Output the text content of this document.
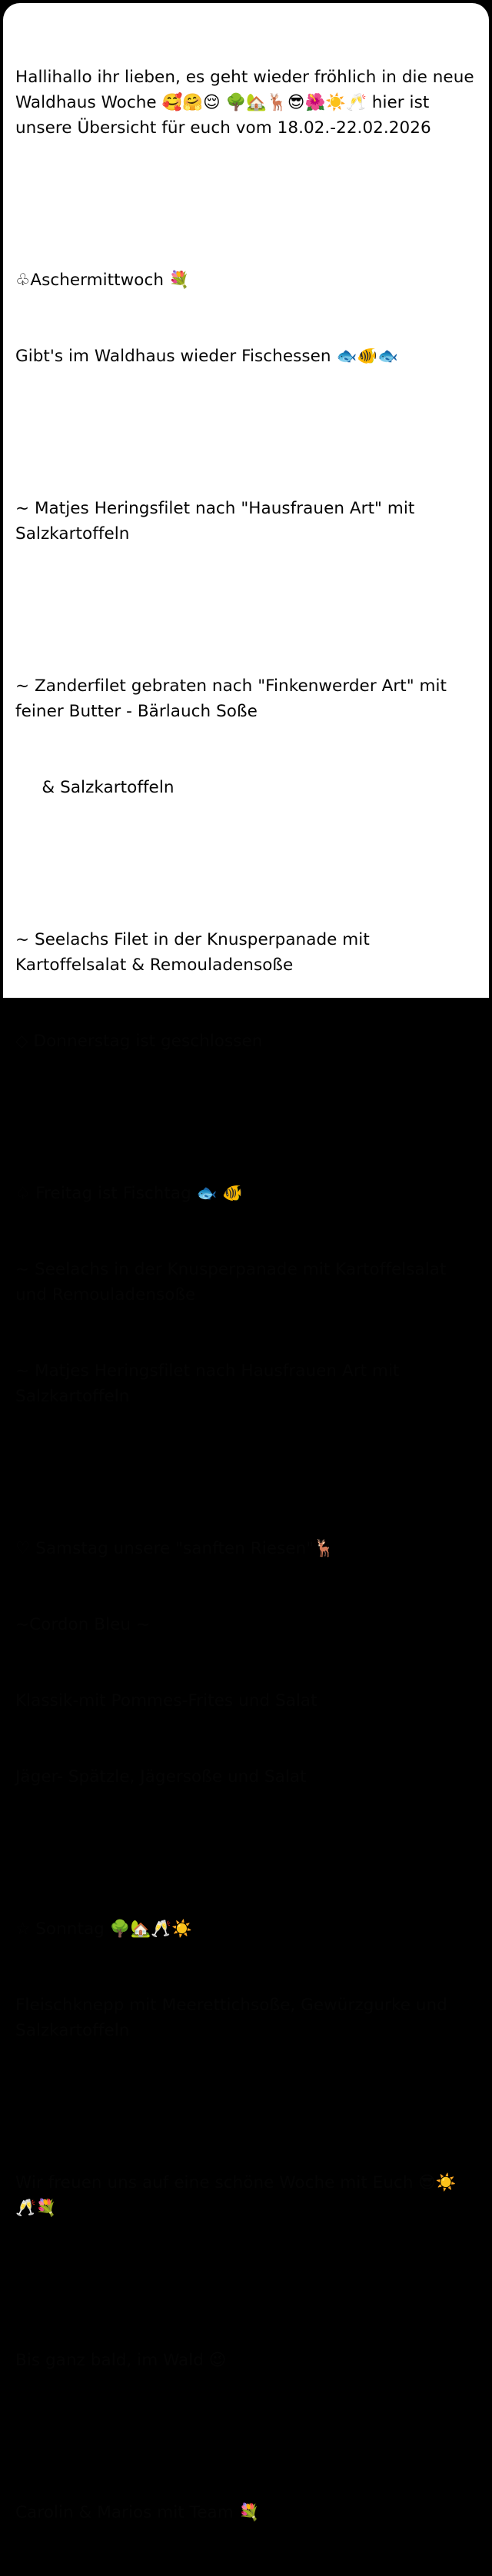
Hallihallo ihr lieben, es geht wieder fröhlich in die neue Waldhaus Woche 🥰🤗😌 🌳🏡🦌😎🌺☀️🥂 hier ist unsere Übersicht für euch vom 18.02.-22.02.2026

♧Aschermittwoch 💐

Gibt's im Waldhaus wieder Fischessen 🐟🐠🐟

~ Matjes Heringsfilet nach "Hausfrauen Art" mit Salzkartoffeln

~ Zanderfilet gebraten nach "Finkenwerder Art" mit feiner Butter - Bärlauch Soße

& Salzkartoffeln

~ Seelachs Filet in der Knusperpanade mit Kartoffelsalat & Remouladensoße

◇ Donnerstag ist geschlossen

♤ Freitag ist Fischtag 🐟 🐠

~ Seelachs in der Knusperpanade mit Kartoffelsalat und Remouladensoße

~ Matjes Heringsfilet nach Hausfrauen Art mit Salzkartoffeln

♡ Samstag unsere "sanften Riesen"🦌

~Cordon Bleu ~

Klassik-mit Pommes-Frites und Salat

Jäger- Spätzle, Jägersoße und Salat

☆ Sonntag 🌳🏡🥂☀️

Fleischknepp mit Meerettichsoße, Gewürzgurke und Salzkartoffeln

Wir freuen uns auf eine schöne Woche mit Euch 😎☀️🥂💐

Bis ganz bald, im Wald 😉

Carolin & Marios mit Team 💐
